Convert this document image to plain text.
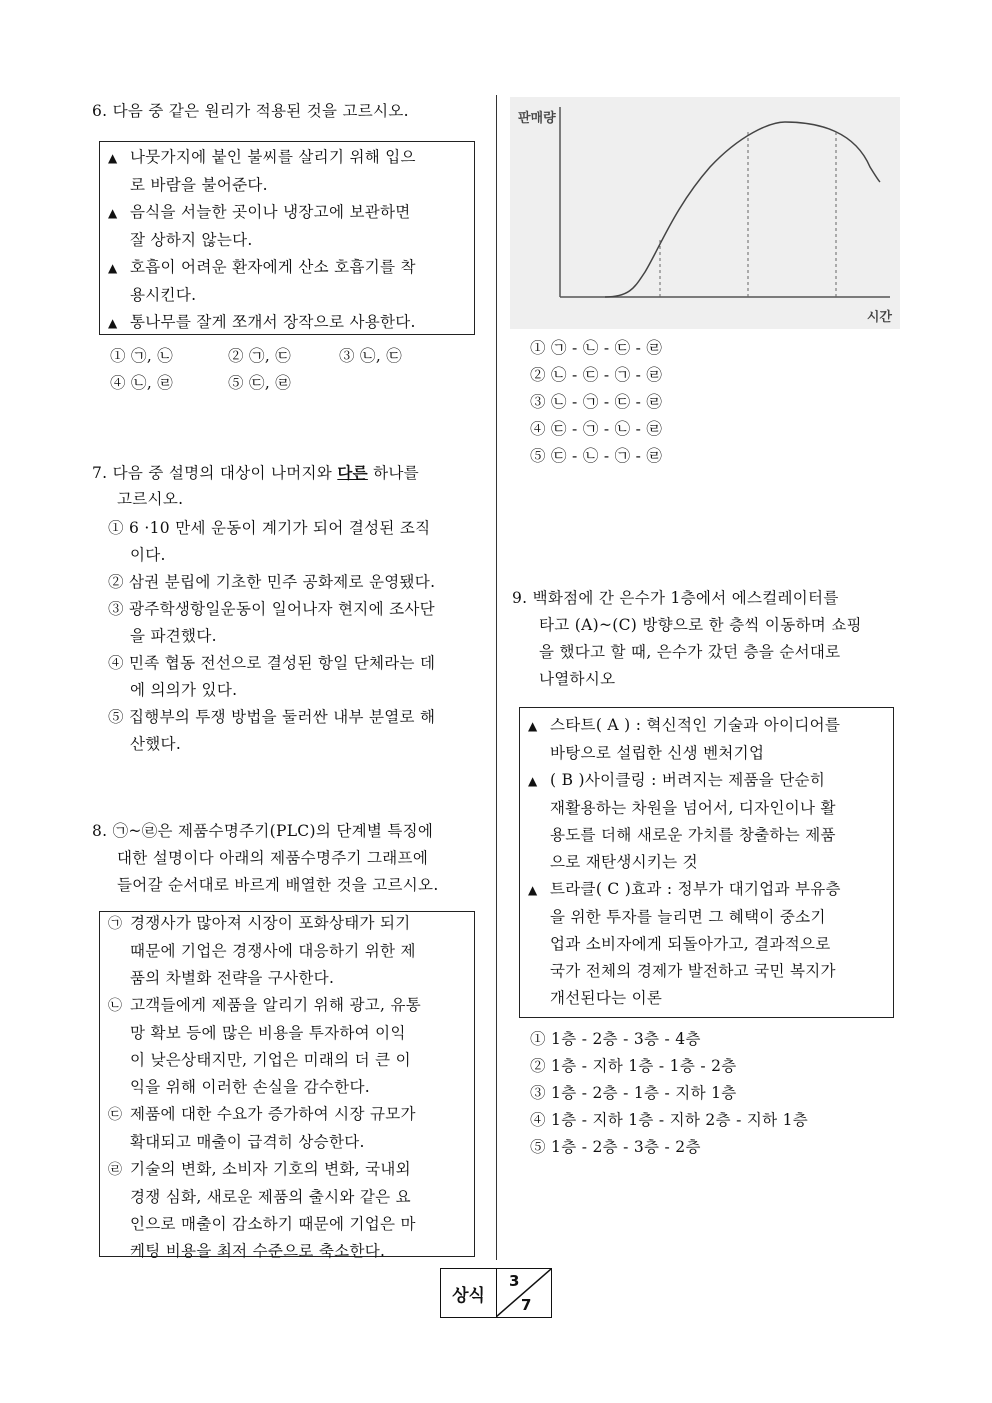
6. 다음 중 같은 원리가 적용된 것을 고르시오.
▲ 나뭇가지에 붙인 불씨를 살리기 위해 입으
로 바람을 불어준다.
▲ 음식을 서늘한 곳이나 냉장고에 보관하면
잘 상하지 않는다.
▲ 호흡이 어려운 환자에게 산소 호흡기를 착
용시킨다.
▲ 통나무를 잘게 쪼개서 장작으로 사용한다.
① ㉠, ㉡	② ㉠, ㉢	③ ㉡, ㉢
④ ㉡, ㉣	⑤ ㉢, ㉣
7. 다음 중 설명의 대상이 나머지와 다른 하나를
고르시오.
① 6 ·10 만세 운동이 계기가 되어 결성된 조직
이다.
② 삼권 분립에 기초한 민주 공화제로 운영됐다.
③ 광주학생항일운동이 일어나자 현지에 조사단
을 파견했다.
④ 민족 협동 전선으로 결성된 항일 단체라는 데
에 의의가 있다.
⑤ 집행부의 투쟁 방법을 둘러싼 내부 분열로 해
산했다.
8. ㉠~㉣은 제품수명주기(PLC)의 단계별 특징에
대한 설명이다 아래의 제품수명주기 그래프에
들어갈 순서대로 바르게 배열한 것을 고르시오.
㉠ 경쟁사가 많아져 시장이 포화상태가 되기
때문에 기업은 경쟁사에 대응하기 위한 제
품의 차별화 전략을 구사한다.
㉡ 고객들에게 제품을 알리기 위해 광고, 유통
망 확보 등에 많은 비용을 투자하여 이익
이 낮은상태지만, 기업은 미래의 더 큰 이
익을 위해 이러한 손실을 감수한다.
㉢ 제품에 대한 수요가 증가하여 시장 규모가
확대되고 매출이 급격히 상승한다.
㉣ 기술의 변화, 소비자 기호의 변화, 국내외
경쟁 심화, 새로운 제품의 출시와 같은 요
인으로 매출이 감소하기 때문에 기업은 마
케팅 비용을 최저 수준으로 축소한다.
판매량
시간
① ㉠ - ㉡ - ㉢ - ㉣
② ㉡ - ㉢ - ㉠ - ㉣
③ ㉡ - ㉠ - ㉢ - ㉣
④ ㉢ - ㉠ - ㉡ - ㉣
⑤ ㉢ - ㉡ - ㉠ - ㉣
9. 백화점에 간 은수가 1층에서 에스컬레이터를
타고 (A)~(C) 방향으로 한 층씩 이동하며 쇼핑
을 했다고 할 때, 은수가 갔던 층을 순서대로
나열하시오
▲ 스타트( A ) : 혁신적인 기술과 아이디어를
바탕으로 설립한 신생 벤처기업
▲ ( B )사이클링 : 버려지는 제품을 단순히
재활용하는 차원을 넘어서, 디자인이나 활
용도를 더해 새로운 가치를 창출하는 제품
으로 재탄생시키는 것
▲ 트라클( C )효과 : 정부가 대기업과 부유층
을 위한 투자를 늘리면 그 혜택이 중소기
업과 소비자에게 되돌아가고, 결과적으로
국가 전체의 경제가 발전하고 국민 복지가
개선된다는 이론
① 1층 - 2층 - 3층 - 4층
② 1층 - 지하 1층 - 1층 - 2층
③ 1층 - 2층 - 1층 - 지하 1층
④ 1층 - 지하 1층 - 지하 2층 - 지하 1층
⑤ 1층 - 2층 - 3층 - 2층
상식
3
7
